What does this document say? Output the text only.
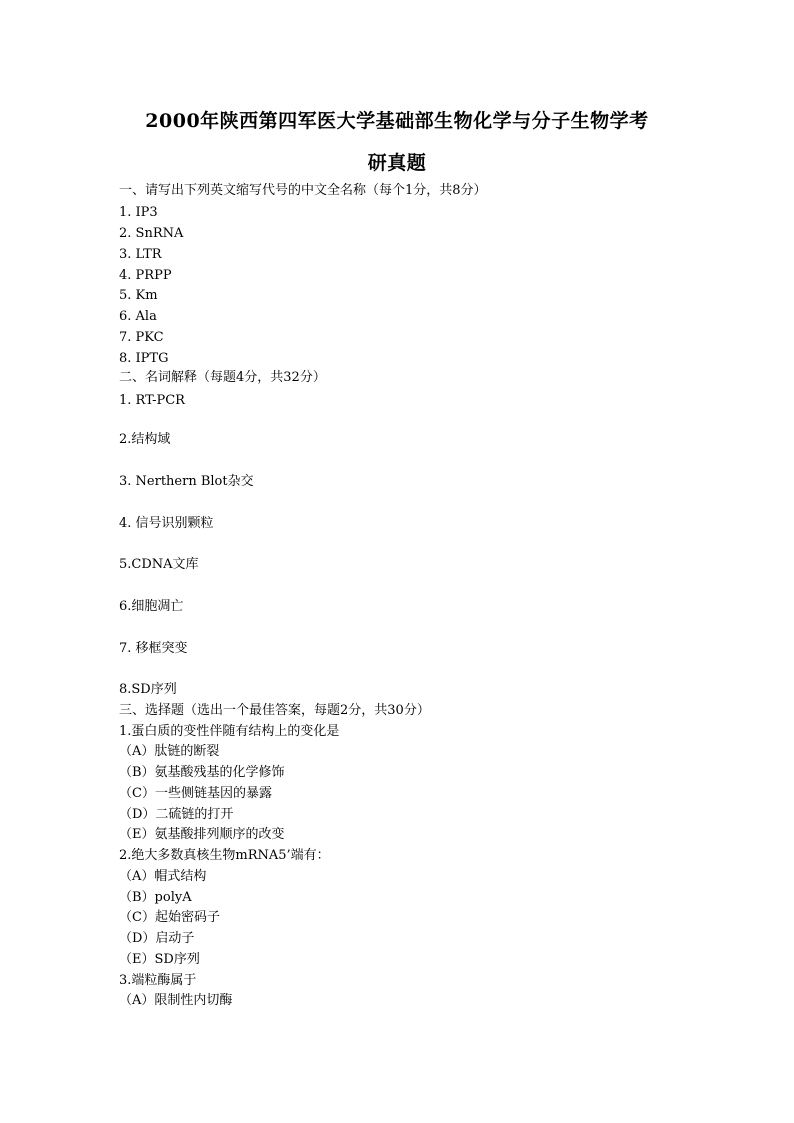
2000年陕西第四军医大学基础部生物化学与分子生物学考
研真题
一、请写出下列英文缩写代号的中文全名称（每个1分，共8分）
1. IP3
2. SnRNA
3. LTR
4. PRPP
5. Km
6. Ala
7. PKC
8. IPTG
二、名词解释（每题4分，共32分）
1. RT-PCR
2.结构域
3. Nerthern Blot杂交
4. 信号识别颗粒
5.CDNA文库
6.细胞凋亡
7. 移框突变
8.SD序列
三、选择题（选出一个最佳答案，每题2分，共30分）
1.蛋白质的变性伴随有结构上的变化是
（A）肽链的断裂
（B）氨基酸残基的化学修饰
（C）一些侧链基因的暴露
（D）二硫链的打开
（E）氨基酸排列顺序的改变
2.绝大多数真核生物mRNA5’端有：
（A）帽式结构
（B）polyA
（C）起始密码子
（D）启动子
（E）SD序列
3.端粒酶属于
（A）限制性内切酶
